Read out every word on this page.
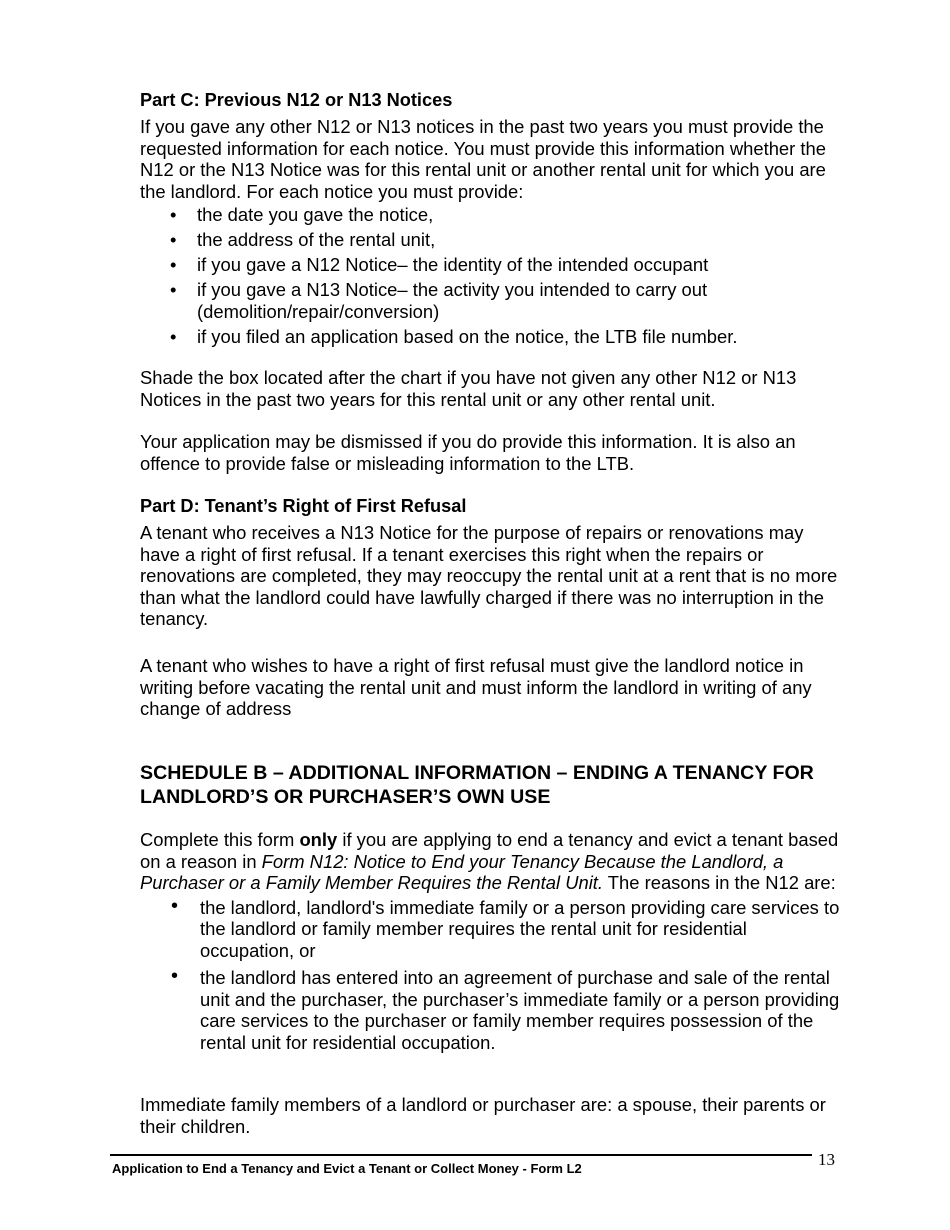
Part C: Previous N12 or N13 Notices

If you gave any other N12 or N13 notices in the past two years you must provide the requested information for each notice. You must provide this information whether the N12 or the N13 Notice was for this rental unit or another rental unit for which you are the landlord. For each notice you must provide:

• the date you gave the notice,
• the address of the rental unit,
• if you gave a N12 Notice– the identity of the intended occupant
• if you gave a N13 Notice– the activity you intended to carry out (demolition/repair/conversion)
• if you filed an application based on the notice, the LTB file number.

Shade the box located after the chart if you have not given any other N12 or N13 Notices in the past two years for this rental unit or any other rental unit.

Your application may be dismissed if you do provide this information. It is also an offence to provide false or misleading information to the LTB.

Part D: Tenant’s Right of First Refusal

A tenant who receives a N13 Notice for the purpose of repairs or renovations may have a right of first refusal. If a tenant exercises this right when the repairs or renovations are completed, they may reoccupy the rental unit at a rent that is no more than what the landlord could have lawfully charged if there was no interruption in the tenancy.

A tenant who wishes to have a right of first refusal must give the landlord notice in writing before vacating the rental unit and must inform the landlord in writing of any change of address

SCHEDULE B – ADDITIONAL INFORMATION – ENDING A TENANCY FOR LANDLORD’S OR PURCHASER’S OWN USE

Complete this form only if you are applying to end a tenancy and evict a tenant based on a reason in Form N12: Notice to End your Tenancy Because the Landlord, a Purchaser or a Family Member Requires the Rental Unit. The reasons in the N12 are:

• the landlord, landlord's immediate family or a person providing care services to the landlord or family member requires the rental unit for residential occupation, or
• the landlord has entered into an agreement of purchase and sale of the rental unit and the purchaser, the purchaser’s immediate family or a person providing care services to the purchaser or family member requires possession of the rental unit for residential occupation.

Immediate family members of a landlord or purchaser are: a spouse, their parents or their children.

Application to End a Tenancy and Evict a Tenant or Collect Money - Form L2	13
